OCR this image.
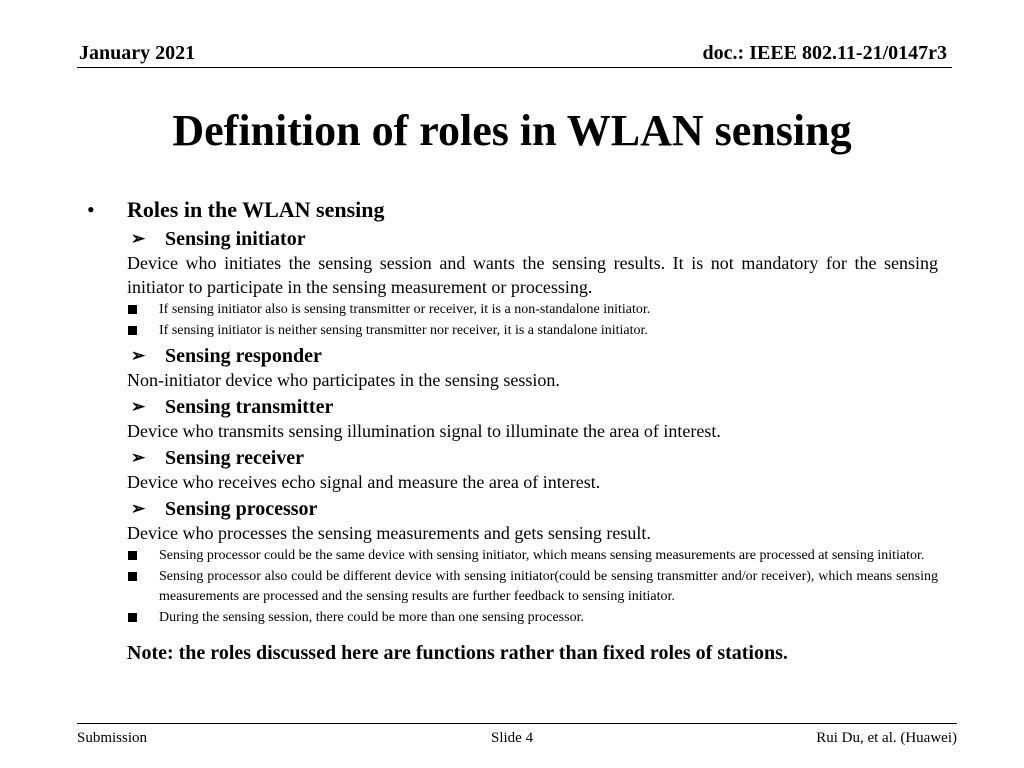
January 2021	doc.: IEEE 802.11-21/0147r3
Definition of roles in WLAN sensing
• Roles in the WLAN sensing
➢ Sensing initiator
Device who initiates the sensing session and wants the sensing results. It is not mandatory for the sensing initiator to participate in the sensing measurement or processing.
If sensing initiator also is sensing transmitter or receiver, it is a non-standalone initiator.
If sensing initiator is neither sensing transmitter nor receiver, it is a standalone initiator.
➢ Sensing responder
Non-initiator device who participates in the sensing session.
➢ Sensing transmitter
Device who transmits sensing illumination signal to illuminate the area of interest.
➢ Sensing receiver
Device who receives echo signal and measure the area of interest.
➢ Sensing processor
Device who processes the sensing measurements and gets sensing result.
Sensing processor could be the same device with sensing initiator, which means sensing measurements are processed at sensing initiator.
Sensing processor also could be different device with sensing initiator(could be sensing transmitter and/or receiver), which means sensing measurements are processed and the sensing results are further feedback to sensing initiator.
During the sensing session, there could be more than one sensing processor.
Note: the roles discussed here are functions rather than fixed roles of stations.
Submission	Slide 4	Rui Du, et al. (Huawei)
